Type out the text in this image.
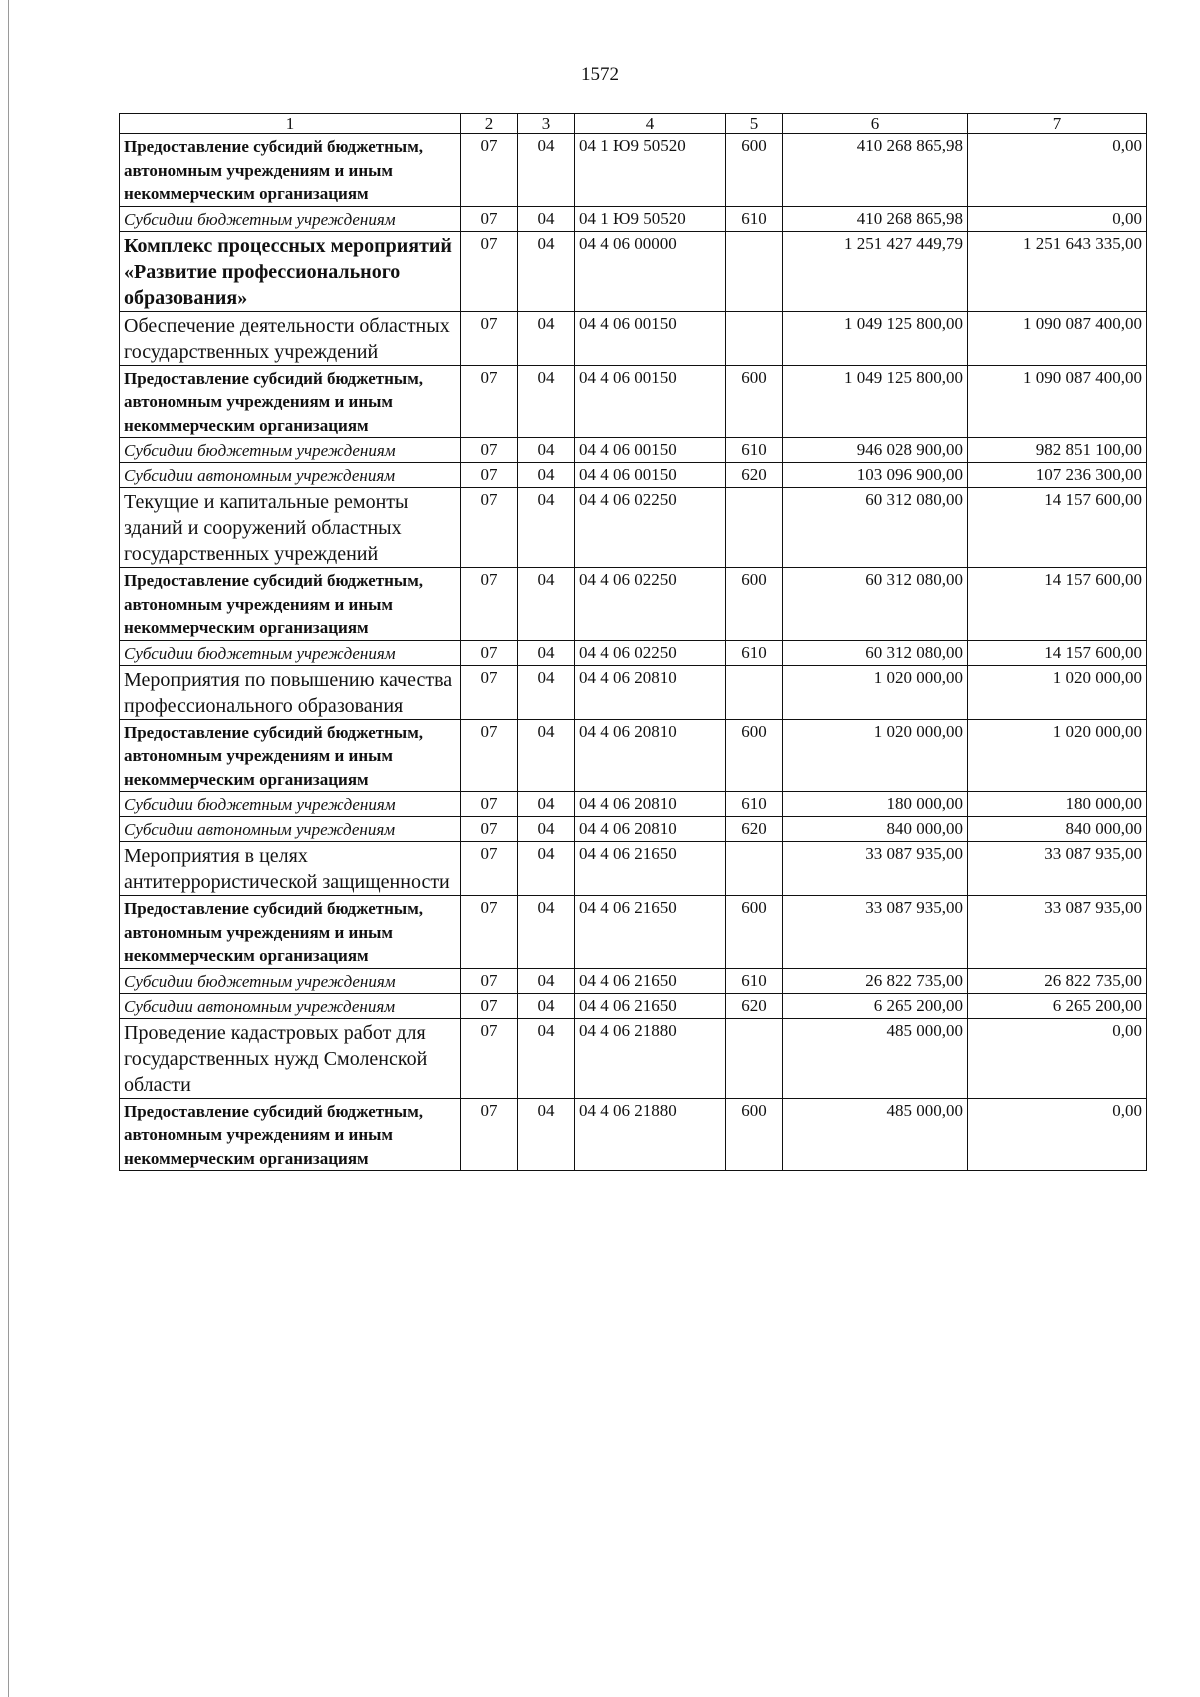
1572
1	2	3	4	5	6	7
Предоставление субсидий бюджетным, автономным учреждениям и иным некоммерческим организациям	07	04	04 1 Ю9 50520	600	410 268 865,98	0,00
Субсидии бюджетным учреждениям	07	04	04 1 Ю9 50520	610	410 268 865,98	0,00
Комплекс процессных мероприятий «Развитие профессионального образования»	07	04	04 4 06 00000		1 251 427 449,79	1 251 643 335,00
Обеспечение деятельности областных государственных учреждений	07	04	04 4 06 00150		1 049 125 800,00	1 090 087 400,00
Предоставление субсидий бюджетным, автономным учреждениям и иным некоммерческим организациям	07	04	04 4 06 00150	600	1 049 125 800,00	1 090 087 400,00
Субсидии бюджетным учреждениям	07	04	04 4 06 00150	610	946 028 900,00	982 851 100,00
Субсидии автономным учреждениям	07	04	04 4 06 00150	620	103 096 900,00	107 236 300,00
Текущие и капитальные ремонты зданий и сооружений областных государственных учреждений	07	04	04 4 06 02250		60 312 080,00	14 157 600,00
Предоставление субсидий бюджетным, автономным учреждениям и иным некоммерческим организациям	07	04	04 4 06 02250	600	60 312 080,00	14 157 600,00
Субсидии бюджетным учреждениям	07	04	04 4 06 02250	610	60 312 080,00	14 157 600,00
Мероприятия по повышению качества профессионального образования	07	04	04 4 06 20810		1 020 000,00	1 020 000,00
Предоставление субсидий бюджетным, автономным учреждениям и иным некоммерческим организациям	07	04	04 4 06 20810	600	1 020 000,00	1 020 000,00
Субсидии бюджетным учреждениям	07	04	04 4 06 20810	610	180 000,00	180 000,00
Субсидии автономным учреждениям	07	04	04 4 06 20810	620	840 000,00	840 000,00
Мероприятия в целях антитеррористической защищенности	07	04	04 4 06 21650		33 087 935,00	33 087 935,00
Предоставление субсидий бюджетным, автономным учреждениям и иным некоммерческим организациям	07	04	04 4 06 21650	600	33 087 935,00	33 087 935,00
Субсидии бюджетным учреждениям	07	04	04 4 06 21650	610	26 822 735,00	26 822 735,00
Субсидии автономным учреждениям	07	04	04 4 06 21650	620	6 265 200,00	6 265 200,00
Проведение кадастровых работ для государственных нужд Смоленской области	07	04	04 4 06 21880		485 000,00	0,00
Предоставление субсидий бюджетным, автономным учреждениям и иным некоммерческим организациям	07	04	04 4 06 21880	600	485 000,00	0,00
